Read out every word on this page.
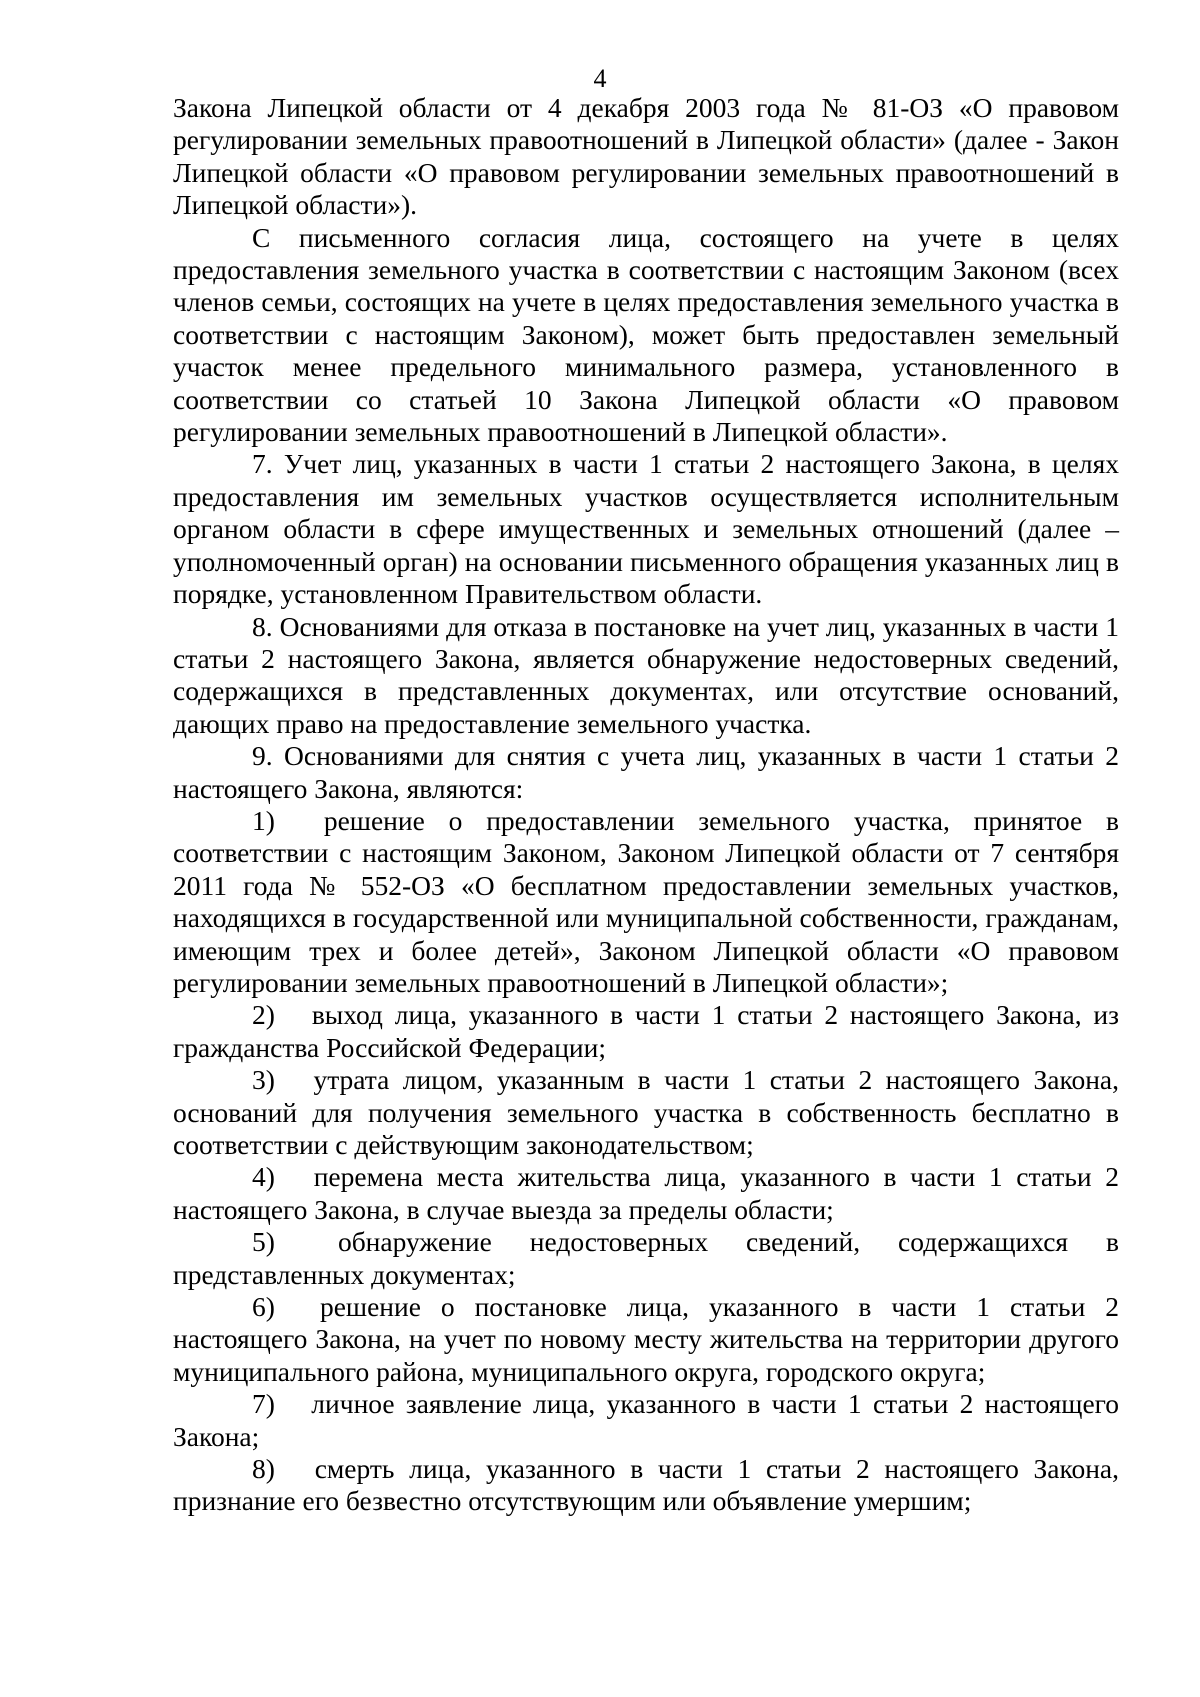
4

Закона Липецкой области от 4 декабря 2003 года № 81-ОЗ «О правовом регулировании земельных правоотношений в Липецкой области» (далее - Закон Липецкой области «О правовом регулировании земельных правоотношений в Липецкой области»).

С письменного согласия лица, состоящего на учете в целях предоставления земельного участка в соответствии с настоящим Законом (всех членов семьи, состоящих на учете в целях предоставления земельного участка в соответствии с настоящим Законом), может быть предоставлен земельный участок менее предельного минимального размера, установленного в соответствии со статьей 10 Закона Липецкой области «О правовом регулировании земельных правоотношений в Липецкой области».

7. Учет лиц, указанных в части 1 статьи 2 настоящего Закона, в целях предоставления им земельных участков осуществляется исполнительным органом области в сфере имущественных и земельных отношений (далее – уполномоченный орган) на основании письменного обращения указанных лиц в порядке, установленном Правительством области.

8. Основаниями для отказа в постановке на учет лиц, указанных в части 1 статьи 2 настоящего Закона, является обнаружение недостоверных сведений, содержащихся в представленных документах, или отсутствие оснований, дающих право на предоставление земельного участка.

9. Основаниями для снятия с учета лиц, указанных в части 1 статьи 2 настоящего Закона, являются:

1) решение о предоставлении земельного участка, принятое в соответствии с настоящим Законом, Законом Липецкой области от 7 сентября 2011 года № 552-ОЗ «О бесплатном предоставлении земельных участков, находящихся в государственной или муниципальной собственности, гражданам, имеющим трех и более детей», Законом Липецкой области «О правовом регулировании земельных правоотношений в Липецкой области»;

2) выход лица, указанного в части 1 статьи 2 настоящего Закона, из гражданства Российской Федерации;

3) утрата лицом, указанным в части 1 статьи 2 настоящего Закона, оснований для получения земельного участка в собственность бесплатно в соответствии с действующим законодательством;

4) перемена места жительства лица, указанного в части 1 статьи 2 настоящего Закона, в случае выезда за пределы области;

5) обнаружение недостоверных сведений, содержащихся в представленных документах;

6) решение о постановке лица, указанного в части 1 статьи 2 настоящего Закона, на учет по новому месту жительства на территории другого муниципального района, муниципального округа, городского округа;

7) личное заявление лица, указанного в части 1 статьи 2 настоящего Закона;

8) смерть лица, указанного в части 1 статьи 2 настоящего Закона, признание его безвестно отсутствующим или объявление умершим;
